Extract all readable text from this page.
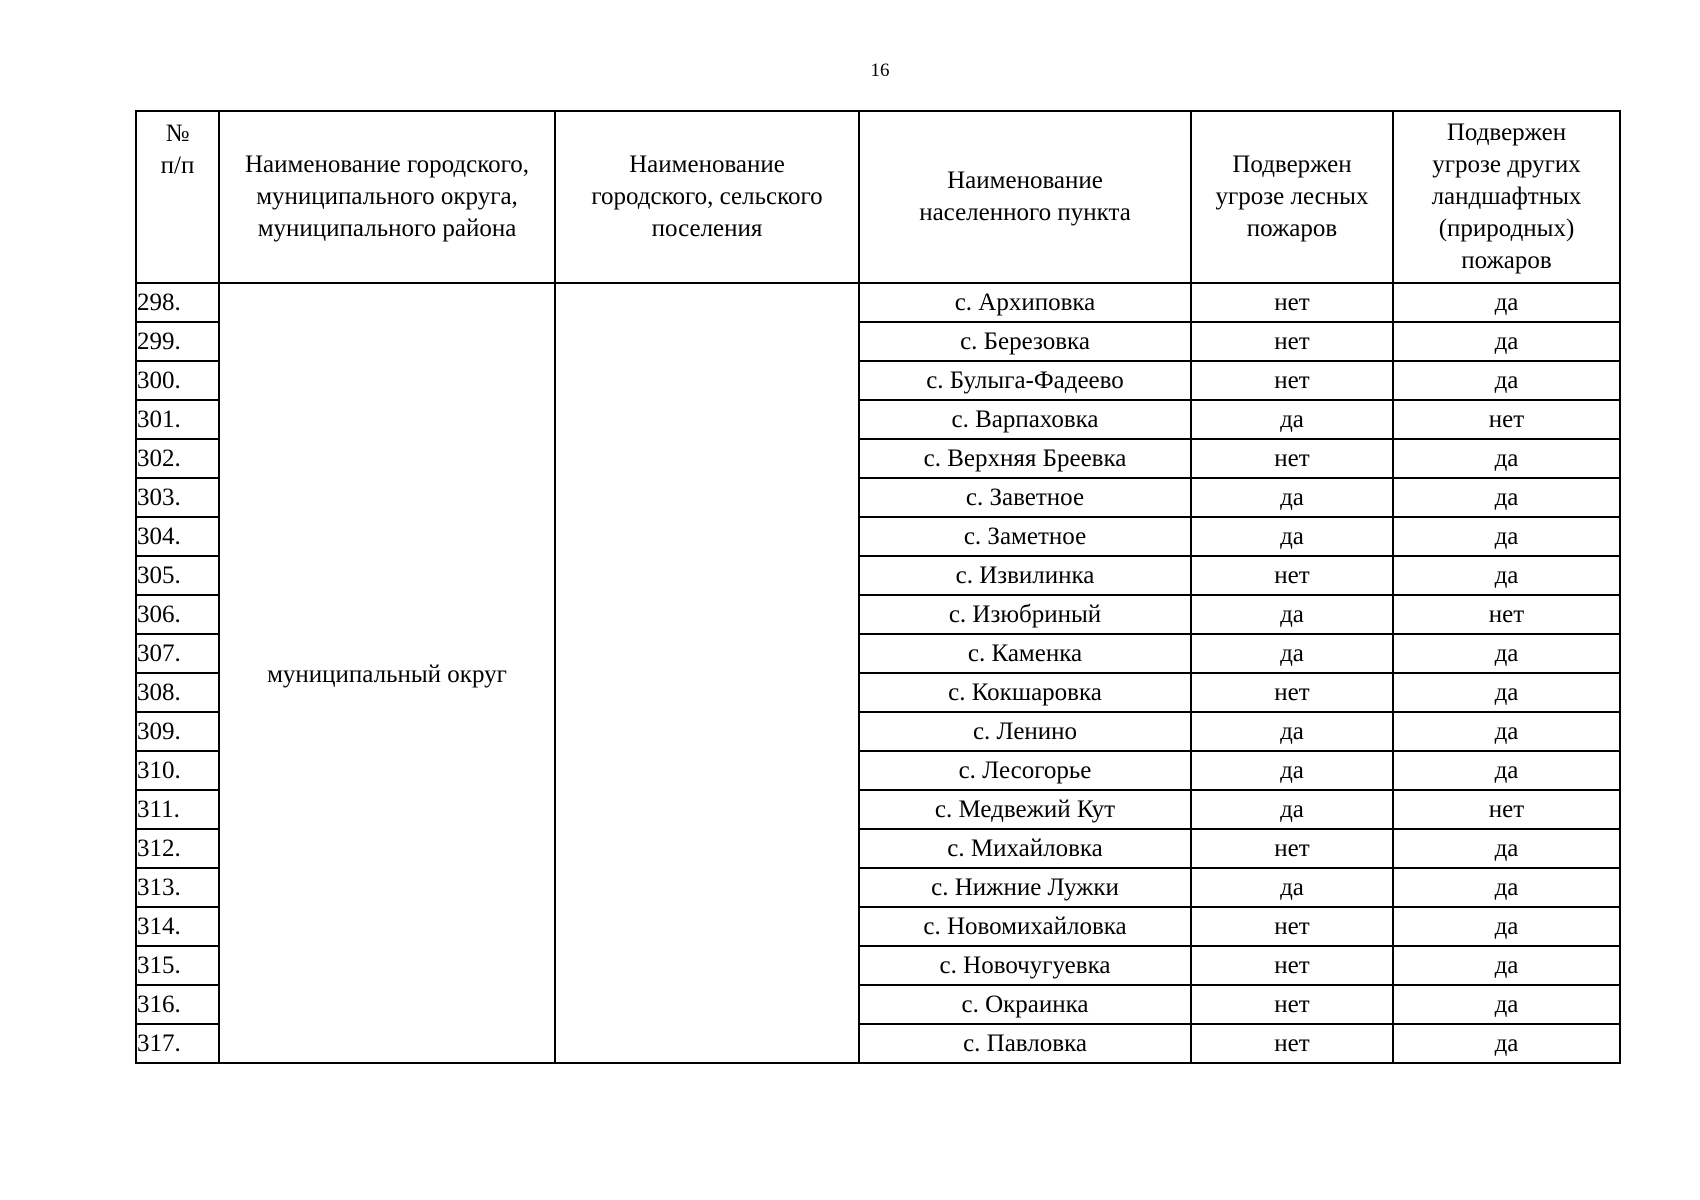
16
№
п/п	Наименование городского, муниципального округа, муниципального района	Наименование городского, сельского поселения	Наименование населенного пункта	Подвержен угрозе лесных пожаров	Подвержен угрозе других ландшафтных (природных) пожаров

298.	муниципальный округ		с. Архиповка	нет	да
299.			с. Березовка	нет	да
300.			с. Булыга-Фадеево	нет	да
301.			с. Варпаховка	да	нет
302.			с. Верхняя Бреевка	нет	да
303.			с. Заветное	да	да
304.			с. Заметное	да	да
305.			с. Извилинка	нет	да
306.			с. Изюбриный	да	нет
307.			с. Каменка	да	да
308.			с. Кокшаровка	нет	да
309.			с. Ленино	да	да
310.			с. Лесогорье	да	да
311.			с. Медвежий Кут	да	нет
312.			с. Михайловка	нет	да
313.			с. Нижние Лужки	да	да
314.			с. Новомихайловка	нет	да
315.			с. Новочугуевка	нет	да
316.			с. Окраинка	нет	да
317.			с. Павловка	нет	да
